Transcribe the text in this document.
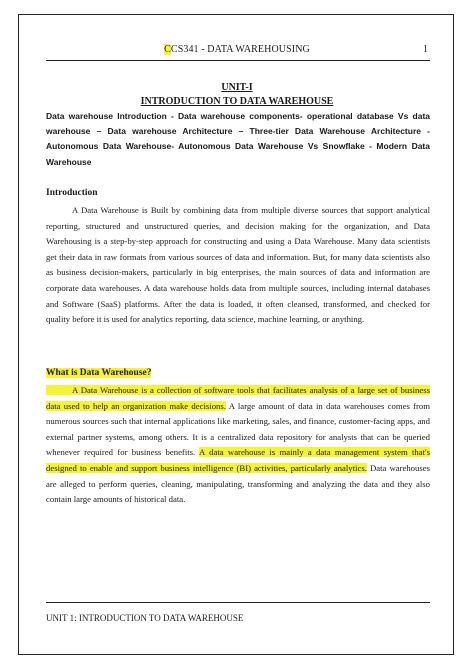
CCS341 - DATA WAREHOUSING	1
UNIT-I
INTRODUCTION TO DATA WAREHOUSE
Data warehouse Introduction - Data warehouse components- operational database Vs data warehouse – Data warehouse Architecture – Three-tier Data Warehouse Architecture - Autonomous Data Warehouse- Autonomous Data Warehouse Vs Snowflake - Modern Data Warehouse
Introduction

A Data Warehouse is Built by combining data from multiple diverse sources that support analytical reporting, structured and unstructured queries, and decision making for the organization, and Data Warehousing is a step-by-step approach for constructing and using a Data Warehouse. Many data scientists get their data in raw formats from various sources of data and information. But, for many data scientists also as business decision-makers, particularly in big enterprises, the main sources of data and information are corporate data warehouses. A data warehouse holds data from multiple sources, including internal databases and Software (SaaS) platforms. After the data is loaded, it often cleansed, transformed, and checked for quality before it is used for analytics reporting, data science, machine learning, or anything.

What is Data Warehouse?

A Data Warehouse is a collection of software tools that facilitates analysis of a large set of business data used to help an organization make decisions. A large amount of data in data warehouses comes from numerous sources such that internal applications like marketing, sales, and finance, customer-facing apps, and external partner systems, among others. It is a centralized data repository for analysts that can be queried whenever required for business benefits. A data warehouse is mainly a data management system that's designed to enable and support business intelligence (BI) activities, particularly analytics. Data warehouses are alleged to perform queries, cleaning, manipulating, transforming and analyzing the data and they also contain large amounts of historical data.

UNIT 1: INTRODUCTION TO DATA WAREHOUSE
